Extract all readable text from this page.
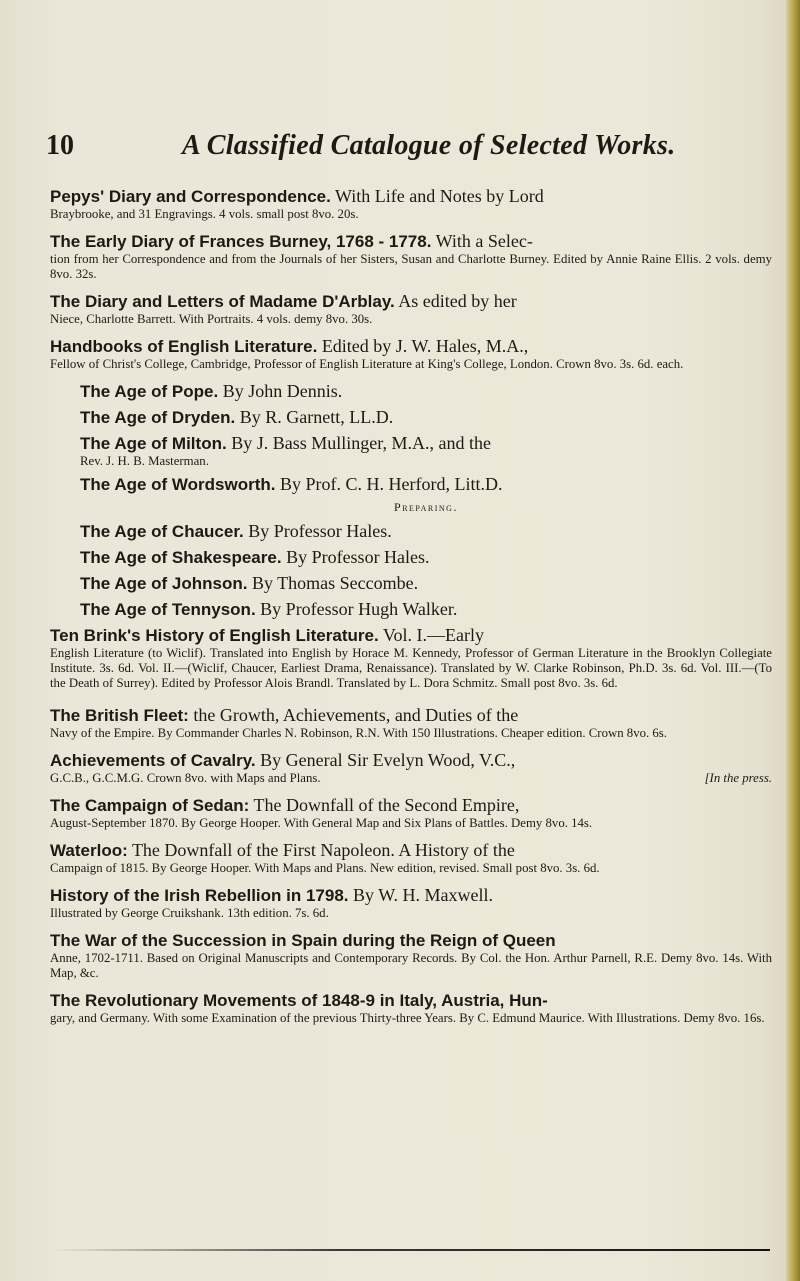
10	A Classified Catalogue of Selected Works.
Pepys' Diary and Correspondence. With Life and Notes by Lord
Braybrooke, and 31 Engravings. 4 vols. small post 8vo. 20s.
The Early Diary of Frances Burney, 1768 - 1778. With a Selec-
tion from her Correspondence and from the Journals of her Sisters, Susan and Charlotte Burney. Edited by Annie Raine Ellis. 2 vols. demy 8vo. 32s.
The Diary and Letters of Madame D'Arblay. As edited by her
Niece, Charlotte Barrett. With Portraits. 4 vols. demy 8vo. 30s.
Handbooks of English Literature. Edited by J. W. Hales, M.A.,
Fellow of Christ's College, Cambridge, Professor of English Literature at King's College, London. Crown 8vo. 3s. 6d. each.
The Age of Pope. By John Dennis.
The Age of Dryden. By R. Garnett, LL.D.
The Age of Milton. By J. Bass Mullinger, M.A., and the
Rev. J. H. B. Masterman.
The Age of Wordsworth. By Prof. C. H. Herford, Litt.D.
Preparing.
The Age of Chaucer. By Professor Hales.
The Age of Shakespeare. By Professor Hales.
The Age of Johnson. By Thomas Seccombe.
The Age of Tennyson. By Professor Hugh Walker.
Ten Brink's History of English Literature. Vol. I.—Early
English Literature (to Wiclif). Translated into English by Horace M. Kennedy, Professor of German Literature in the Brooklyn Collegiate Institute. 3s. 6d. Vol. II.—(Wiclif, Chaucer, Earliest Drama, Renaissance). Translated by W. Clarke Robinson, Ph.D. 3s. 6d. Vol. III.—(To the Death of Surrey). Edited by Professor Alois Brandl. Translated by L. Dora Schmitz. Small post 8vo. 3s. 6d.
The British Fleet: the Growth, Achievements, and Duties of the
Navy of the Empire. By Commander Charles N. Robinson, R.N. With 150 Illustrations. Cheaper edition. Crown 8vo. 6s.
Achievements of Cavalry. By General Sir Evelyn Wood, V.C.,
[In the press.
G.C.B., G.C.M.G. Crown 8vo. with Maps and Plans.
The Campaign of Sedan: The Downfall of the Second Empire,
August-September 1870. By George Hooper. With General Map and Six Plans of Battles. Demy 8vo. 14s.
Waterloo: The Downfall of the First Napoleon. A History of the
Campaign of 1815. By George Hooper. With Maps and Plans. New edition, revised. Small post 8vo. 3s. 6d.
History of the Irish Rebellion in 1798. By W. H. Maxwell.
Illustrated by George Cruikshank. 13th edition. 7s. 6d.
The War of the Succession in Spain during the Reign of Queen
Anne, 1702-1711. Based on Original Manuscripts and Contemporary Records. By Col. the Hon. Arthur Parnell, R.E. Demy 8vo. 14s. With Map, &c.
The Revolutionary Movements of 1848-9 in Italy, Austria, Hun-
gary, and Germany. With some Examination of the previous Thirty-three Years. By C. Edmund Maurice. With Illustrations. Demy 8vo. 16s.
